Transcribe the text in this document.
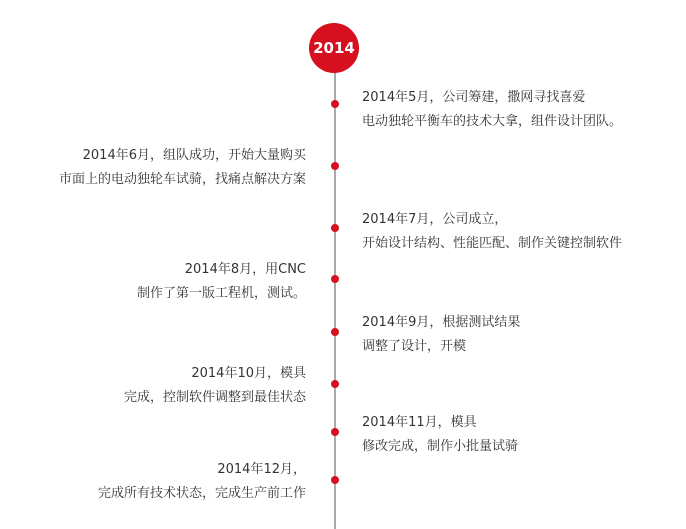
2014
2014年5月，公司筹建，撒网寻找喜爱
电动独轮平衡车的技术大拿，组件设计团队。
2014年6月，组队成功，开始大量购买
市面上的电动独轮车试骑，找痛点解决方案
2014年7月，公司成立，
开始设计结构、性能匹配、制作关键控制软件
2014年8月，用CNC
制作了第一版工程机，测试。
2014年9月，根据测试结果
调整了设计，开模
2014年10月，模具
完成，控制软件调整到最佳状态
2014年11月，模具
修改完成，制作小批量试骑
2014年12月，
完成所有技术状态，完成生产前工作
